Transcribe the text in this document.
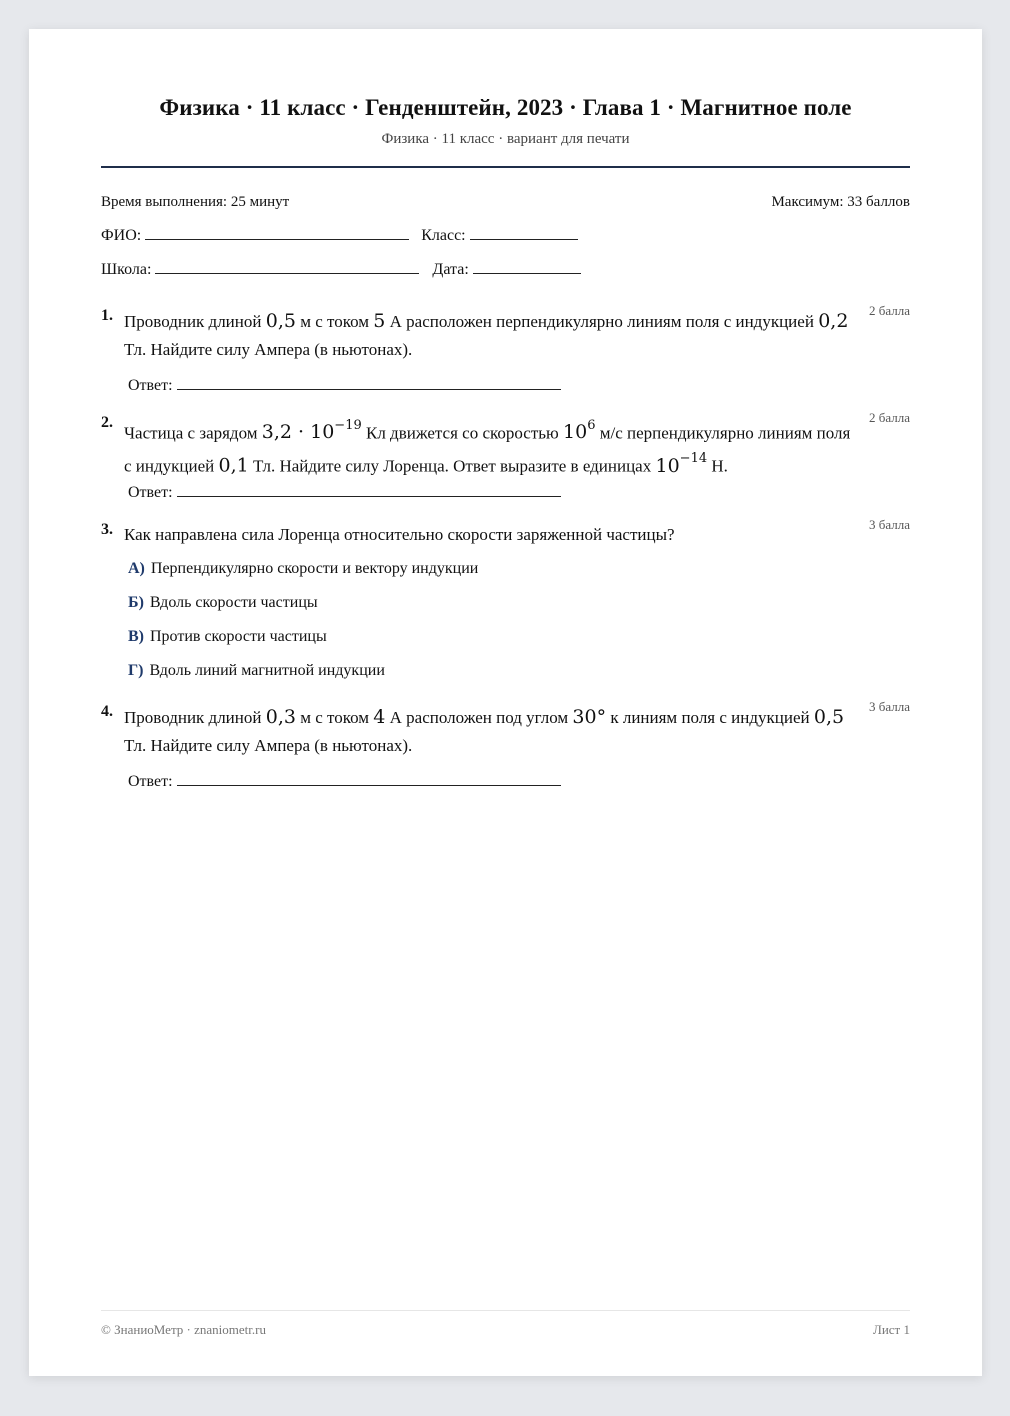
Физика · 11 класс · Генденштейн, 2023 · Глава 1 · Магнитное поле
Физика · 11 класс · вариант для печати
Время выполнения: 25 минут	Максимум: 33 баллов
ФИО:	Класс:
Школа:	Дата:
1. Проводник длиной 0,5 м с током 5 А расположен перпендикулярно линиям поля с индукцией 0,2 Тл. Найдите силу Ампера (в ньютонах).
2 балла
Ответ:
2.
Частица с зарядом $3,2 \cdot 10^{-19}$ Кл движется со скоростью $10^6$ м/с перпендикулярно линиям поля с индукцией 0,1 Тл. Найдите силу Лоренца. Ответ выразите в единицах $10^{-14}$ Н.
2 балла
Ответ:
3. Как направлена сила Лоренца относительно скорости заряженной частицы?
3 балла
А) Перпендикулярно скорости и вектору индукции
Б) Вдоль скорости частицы
В) Против скорости частицы
Г) Вдоль линий магнитной индукции
4. Проводник длиной 0,3 м с током 4 А расположен под углом 30° к линиям поля с индукцией 0,5 Тл. Найдите силу Ампера (в ньютонах).
3 балла
Ответ:
© ЗнаниоМетр · znaniometr.ru	Лист 1
